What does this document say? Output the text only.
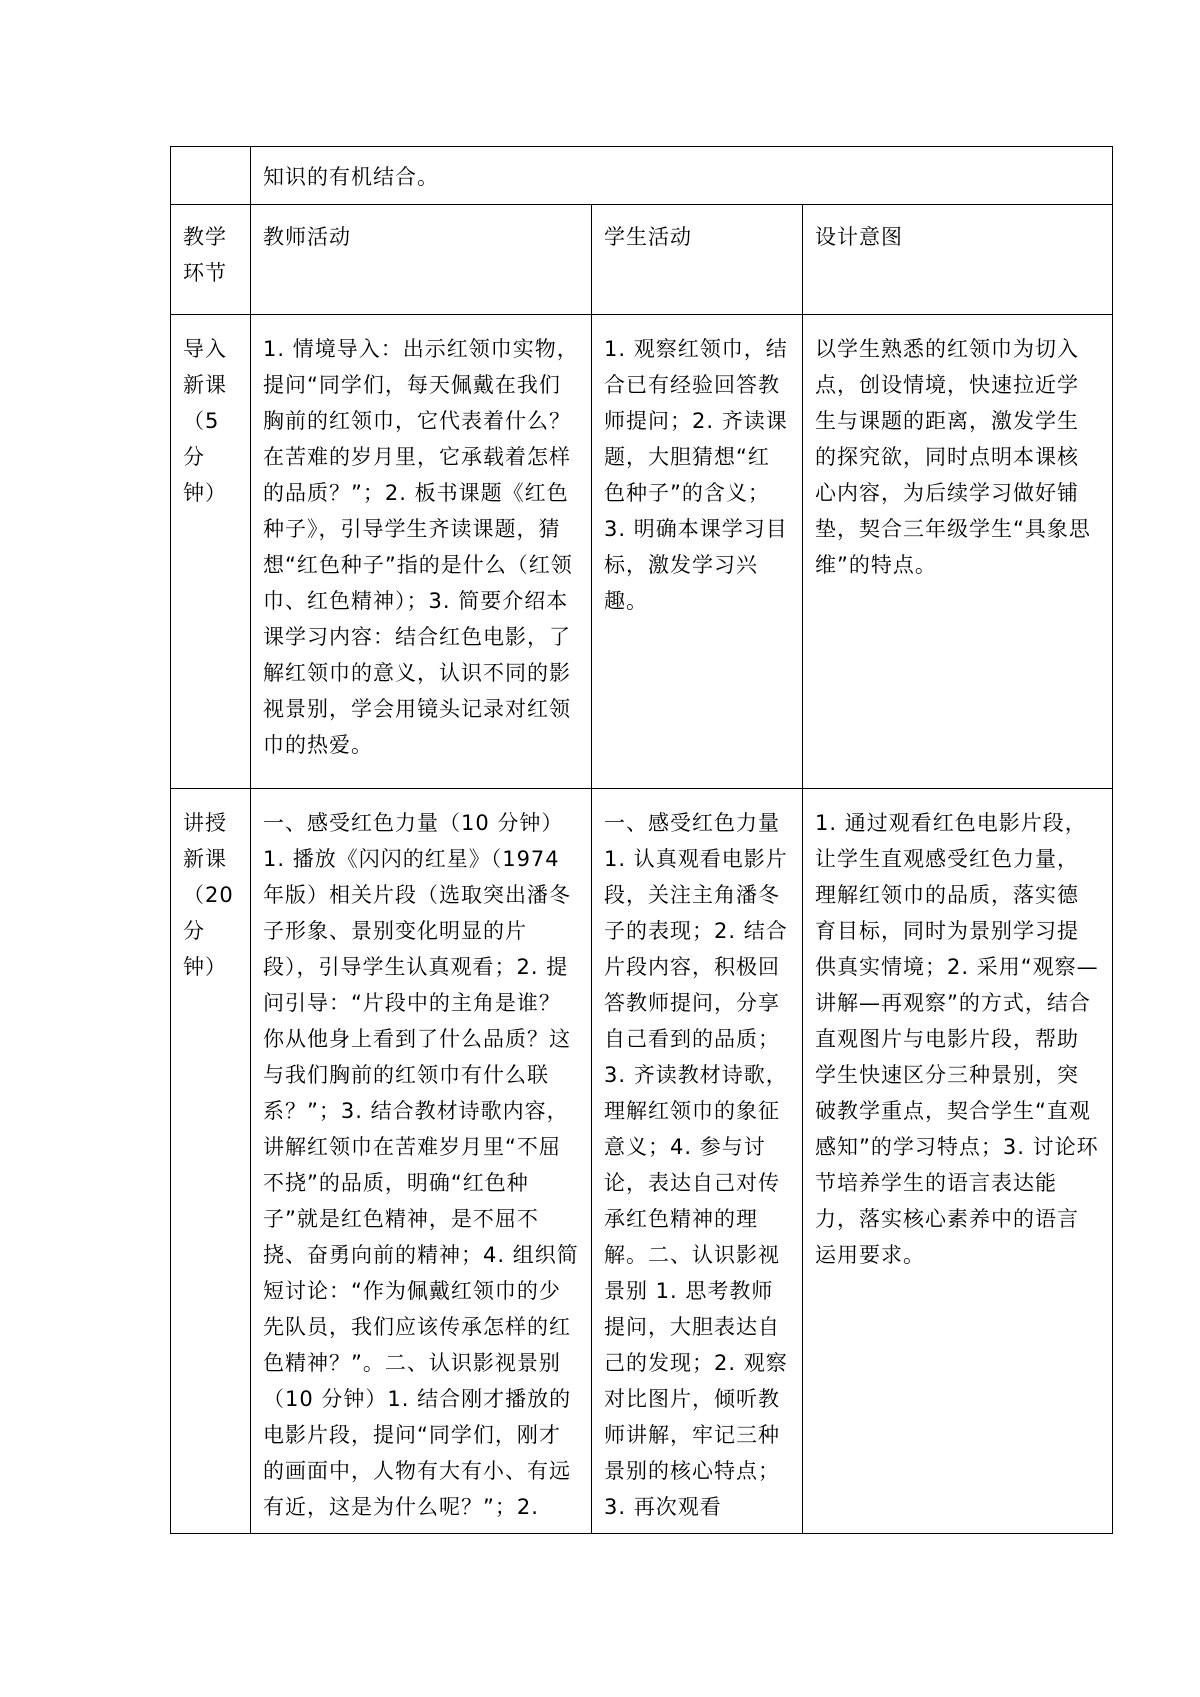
	知识的有机结合。		
教学环节	教师活动	学生活动	设计意图
导入新课（5分钟）	1. 情境导入：出示红领巾实物，提问“同学们，每天佩戴在我们胸前的红领巾，它代表着什么？在苦难的岁月里，它承载着怎样的品质？”；2. 板书课题《红色种子》，引导学生齐读课题，猜想“红色种子”指的是什么（红领巾、红色精神）；3. 简要介绍本课学习内容：结合红色电影，了解红领巾的意义，认识不同的影视景别，学会用镜头记录对红领巾的热爱。	1. 观察红领巾，结合已有经验回答教师提问；2. 齐读课题，大胆猜想“红色种子”的含义；3. 明确本课学习目标，激发学习兴趣。	以学生熟悉的红领巾为切入点，创设情境，快速拉近学生与课题的距离，激发学生的探究欲，同时点明本课核心内容，为后续学习做好铺垫，契合三年级学生“具象思维”的特点。
讲授新课（20分钟）	一、感受红色力量（10 分钟）1. 播放《闪闪的红星》（1974 年版）相关片段（选取突出潘冬子形象、景别变化明显的片段），引导学生认真观看；2. 提问引导：“片段中的主角是谁？你从他身上看到了什么品质？这与我们胸前的红领巾有什么联系？”；3. 结合教材诗歌内容，讲解红领巾在苦难岁月里“不屈不挠”的品质，明确“红色种子”就是红色精神，是不屈不挠、奋勇向前的精神；4. 组织简短讨论：“作为佩戴红领巾的少先队员，我们应该传承怎样的红色精神？”。二、认识影视景别（10 分钟）1. 结合刚才播放的电影片段，提问“同学们，刚才的画面中，人物有大有小、有远有近，这是为什么呢？”；2.	一、感受红色力量 1. 认真观看电影片段，关注主角潘冬子的表现；2. 结合片段内容，积极回答教师提问，分享自己看到的品质；3. 齐读教材诗歌，理解红领巾的象征意义；4. 参与讨论，表达自己对传承红色精神的理解。二、认识影视景别 1. 思考教师提问，大胆表达自己的发现；2. 观察对比图片，倾听教师讲解，牢记三种景别的核心特点；3. 再次观看	1. 通过观看红色电影片段，让学生直观感受红色力量，理解红领巾的品质，落实德育目标，同时为景别学习提供真实情境；2. 采用“观察—讲解—再观察”的方式，结合直观图片与电影片段，帮助学生快速区分三种景别，突破教学重点，契合学生“直观感知”的学习特点；3. 讨论环节培养学生的语言表达能力，落实核心素养中的语言运用要求。
